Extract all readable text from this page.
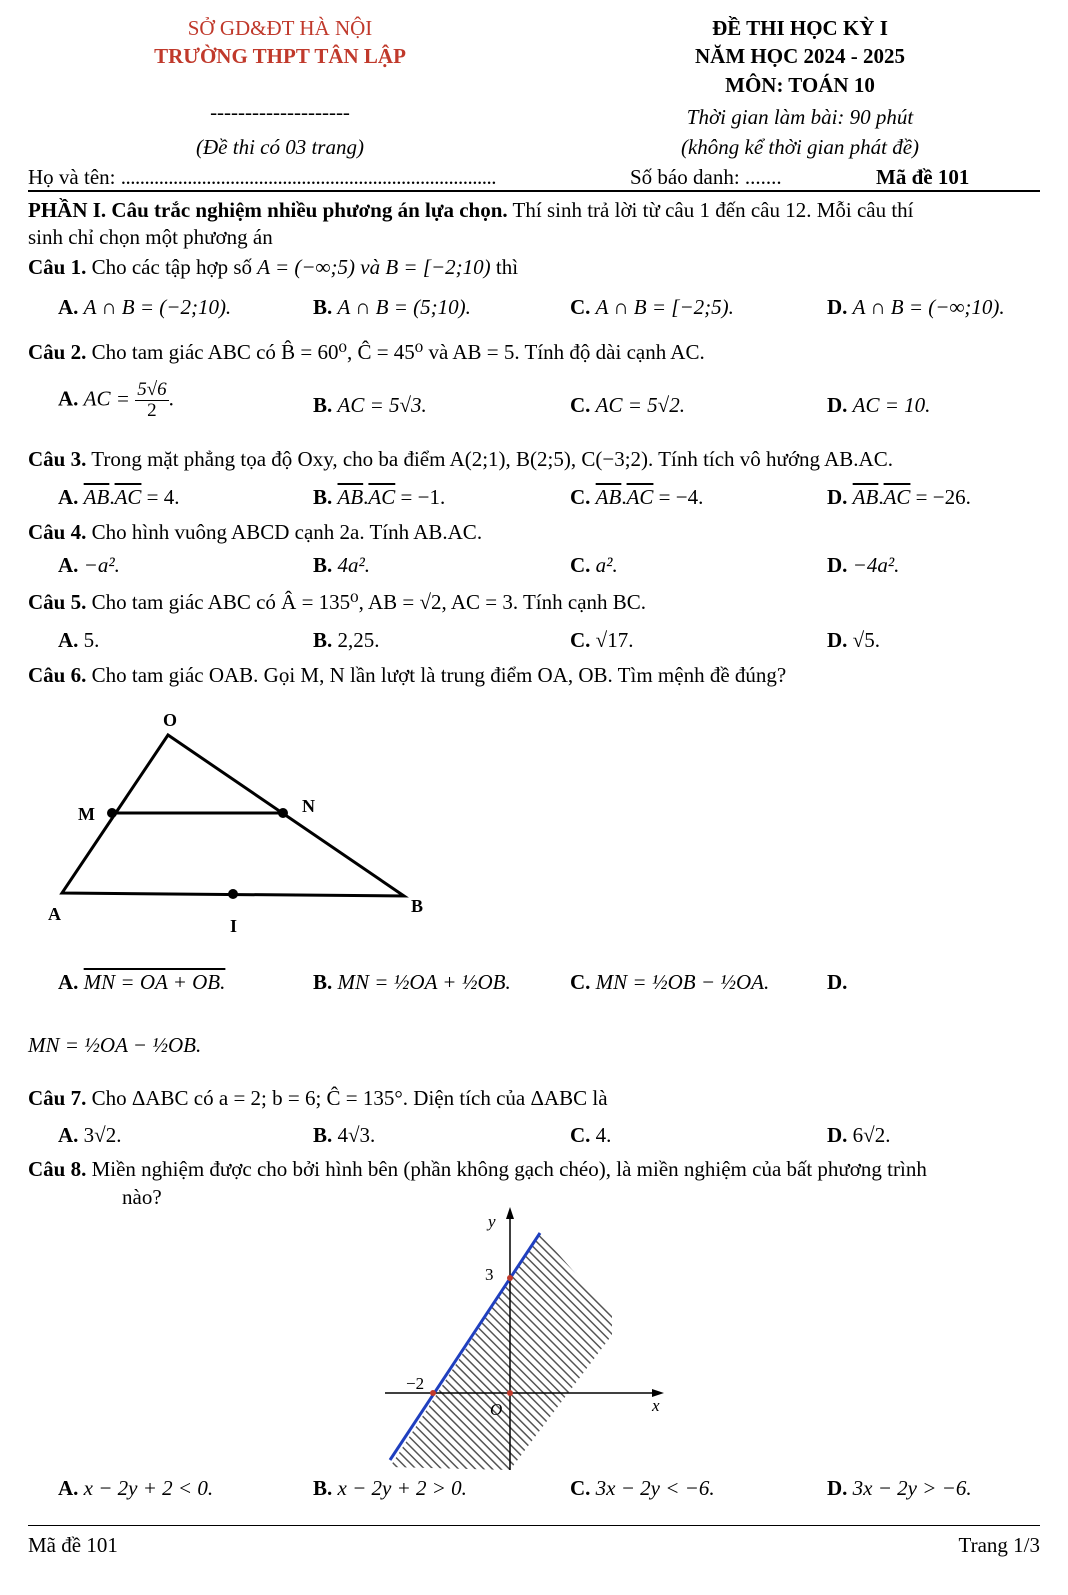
SỞ GD&ĐT HÀ NỘI
TRƯỜNG THPT TÂN LẬP
ĐỀ THI HỌC KỲ I
NĂM HỌC 2024 - 2025
MÔN: TOÁN 10
--------------------	Thời gian làm bài: 90 phút
(Đề thi có 03 trang)	(không kể thời gian phát đề)
Họ và tên: ...............................................................................	Số báo danh: .......	Mã đề 101
PHẦN I. Câu trắc nghiệm nhiều phương án lựa chọn. Thí sinh trả lời từ câu 1 đến câu 12. Mỗi câu thí
sinh chỉ chọn một phương án
Câu 1. Cho các tập hợp số A = (−∞;5) và B = [−2;10) thì
A. A ∩ B = (−2;10).	B. A ∩ B = (5;10).	C. A ∩ B = [−2;5).	D. A ∩ B = (−∞;10).
Câu 2. Cho tam giác ABC có B̂ = 60⁰, Ĉ = 45⁰ và AB = 5. Tính độ dài cạnh AC.
A. AC = $\frac{5√6}{2}$ .	B. AC = 5√3.	C. AC = 5√2.	D. AC = 10.
Câu 3. Trong mặt phẳng tọa độ Oxy, cho ba điểm A(2;1), B(2;5), C(−3;2). Tính tích vô hướng AB.AC.
A. $\overline{AB}.\overline{AC} = 4$.	B. $\overline{AB}.\overline{AC} = -1$.	C. $\overline{AB}.\overline{AC} = -4$.	D. $\overline{AB}.\overline{AC} = -26$.
Câu 4. Cho hình vuông ABCD cạnh 2a. Tính AB.AC.
A. −a².	B. 4a².	C. a².	D. −4a².
Câu 5. Cho tam giác ABC có Â = 135⁰, AB = √2, AC = 3. Tính cạnh BC.
A. 5.	B. 2,25.	C. √17.	D. √5.
Câu 6. Cho tam giác OAB. Gọi M, N lần lượt là trung điểm OA, OB. Tìm mệnh đề đúng?
O
M	N
A
I
B
A. MN = OA + OB.	B. MN = ½OA + ½OB.	C. MN = ½OB − ½OA.	D.
MN = ½OA − ½OB.
Câu 7. Cho ΔABC có a = 2; b = 6; Ĉ = 135°. Diện tích của ΔABC là
A. 3√2.	B. 4√3.	C. 4.	D. 6√2.
Câu 8. Miền nghiệm được cho bởi hình bên (phần không gạch chéo), là miền nghiệm của bất phương trình
nào?
y
x
O
3
−2
A. x − 2y + 2 < 0.	B. x − 2y + 2 > 0.	C. 3x − 2y < −6.	D. 3x − 2y > −6.
Mã đề 101	Trang 1/3
